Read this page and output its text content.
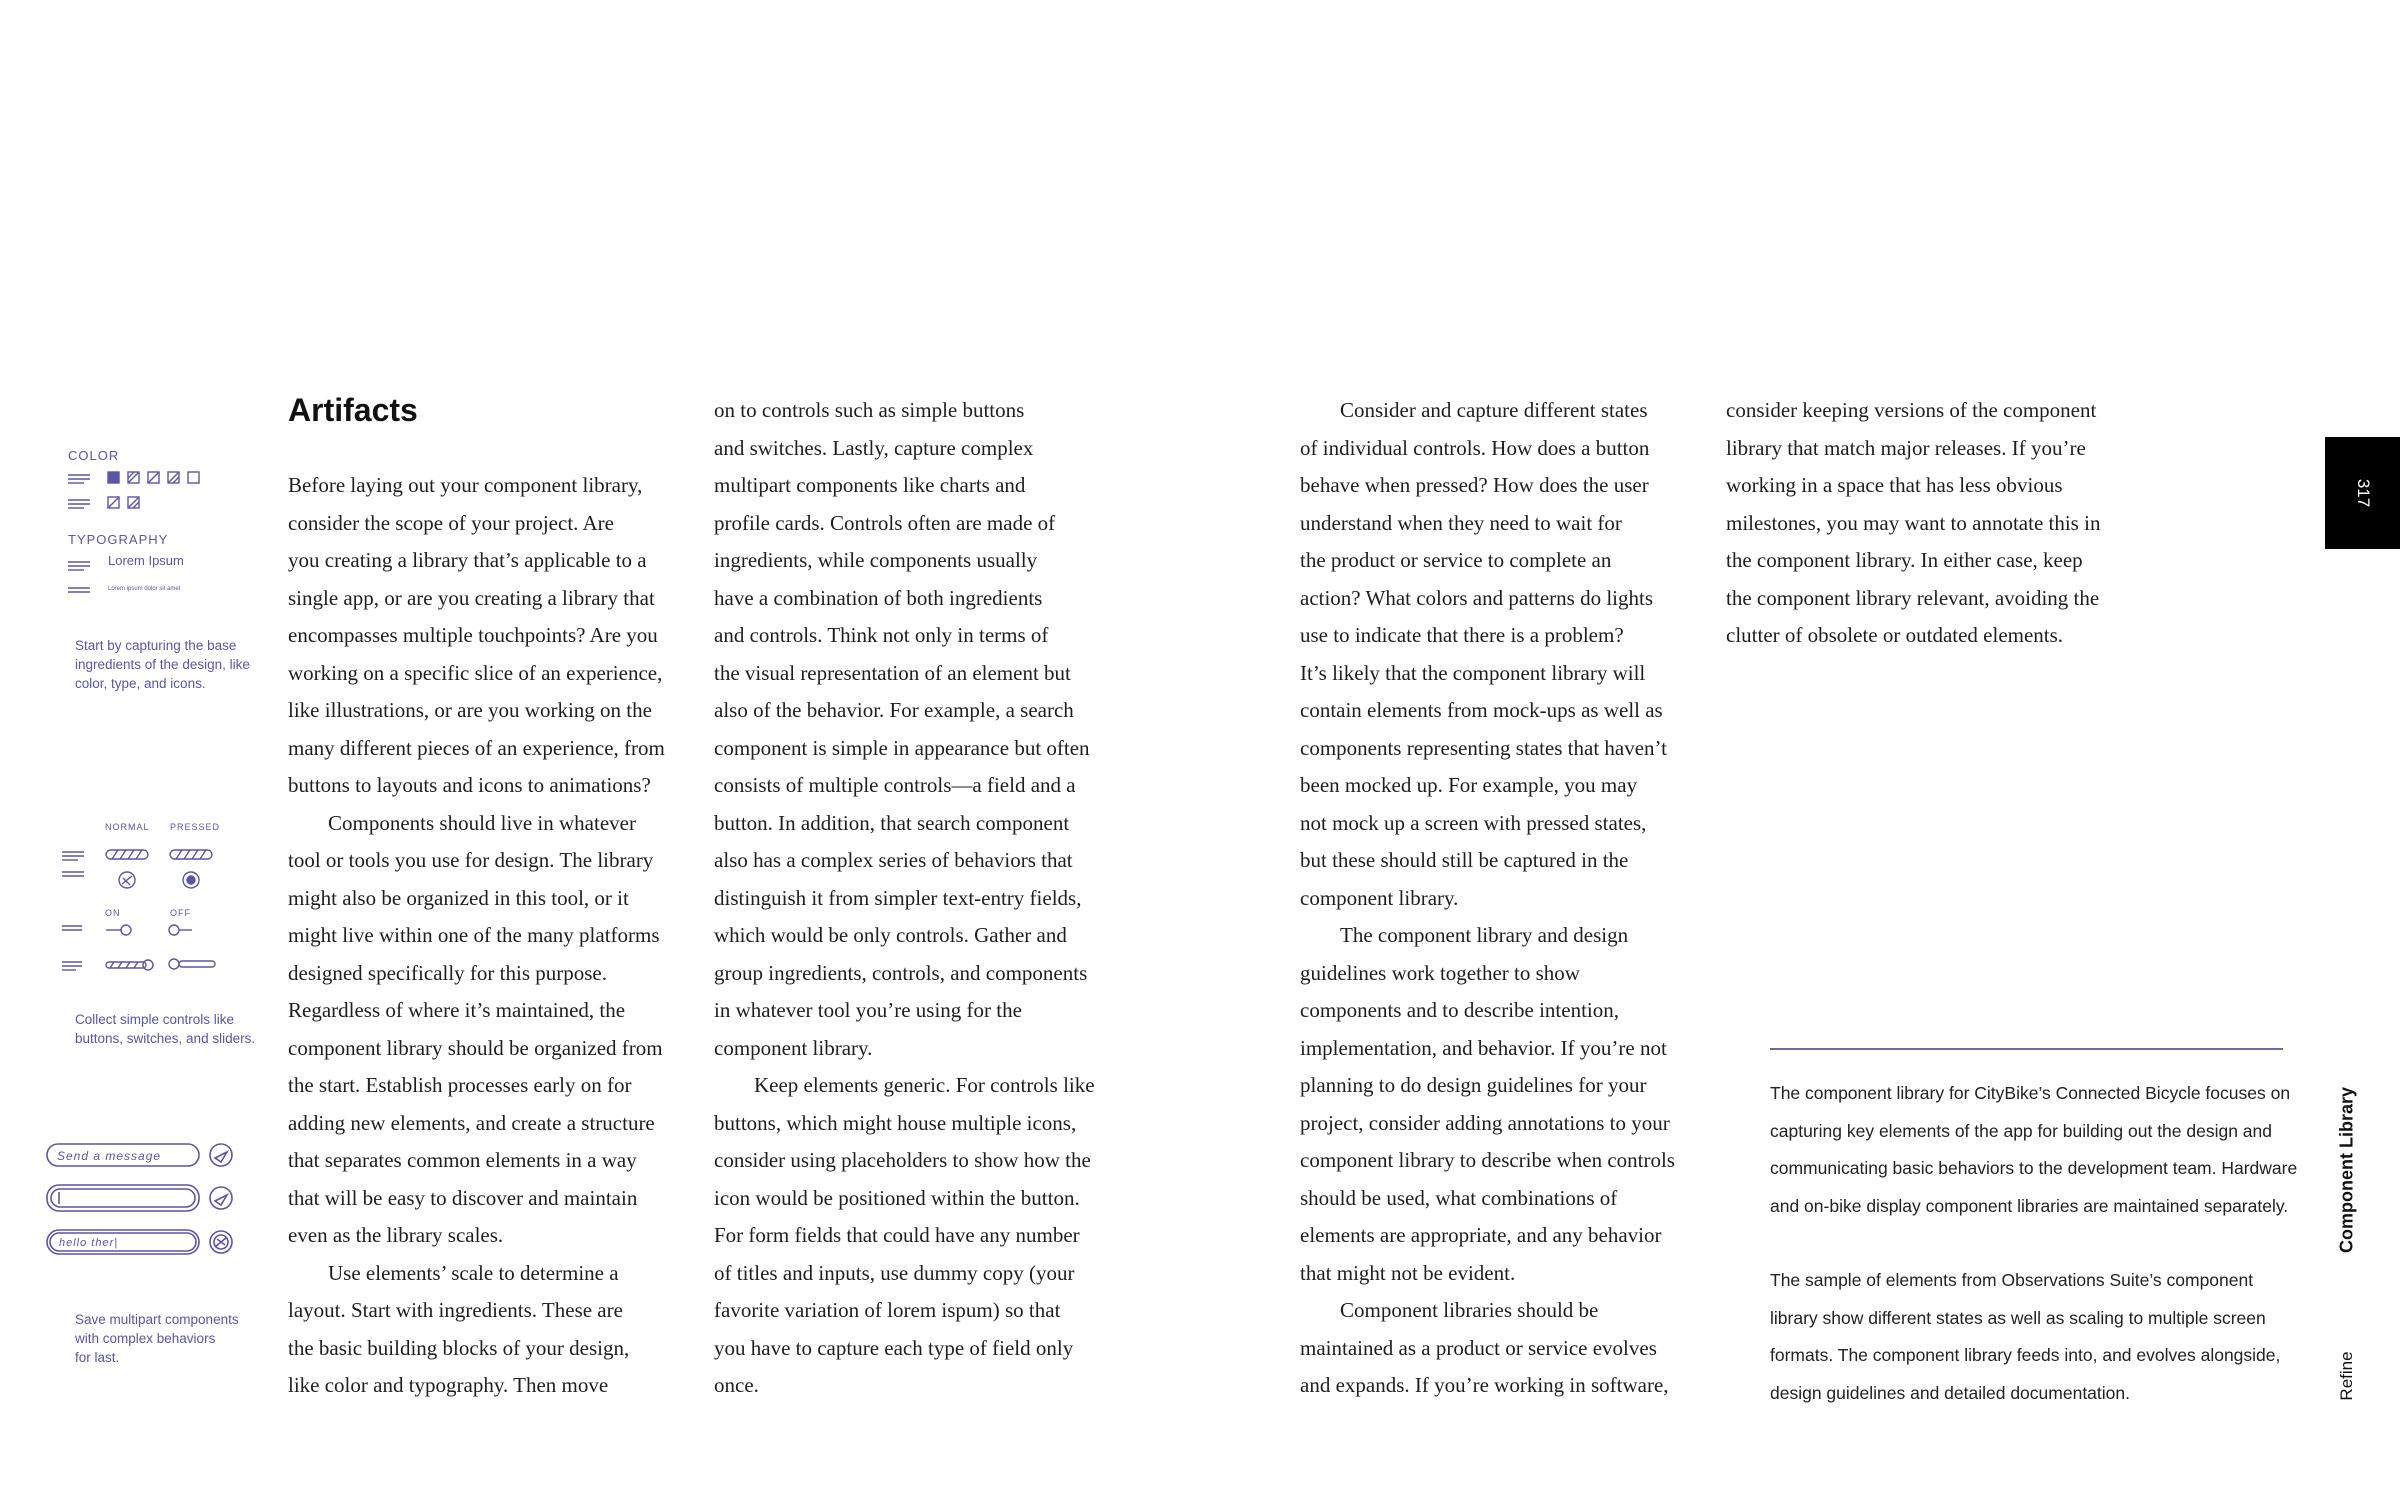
Artifacts

Before laying out your component library,
consider the scope of your project. Are
you creating a library that’s applicable to a
single app, or are you creating a library that
encompasses multiple touchpoints? Are you
working on a specific slice of an experience,
like illustrations, or are you working on the
many different pieces of an experience, from
buttons to layouts and icons to animations?

Components should live in whatever
tool or tools you use for design. The library
might also be organized in this tool, or it
might live within one of the many platforms
designed specifically for this purpose.
Regardless of where it’s maintained, the
component library should be organized from
the start. Establish processes early on for
adding new elements, and create a structure
that separates common elements in a way
that will be easy to discover and maintain
even as the library scales.

Use elements’ scale to determine a
layout. Start with ingredients. These are
the basic building blocks of your design,
like color and typography. Then move

on to controls such as simple buttons
and switches. Lastly, capture complex
multipart components like charts and
profile cards. Controls often are made of
ingredients, while components usually
have a combination of both ingredients
and controls. Think not only in terms of
the visual representation of an element but
also of the behavior. For example, a search
component is simple in appearance but often
consists of multiple controls—a field and a
button. In addition, that search component
also has a complex series of behaviors that
distinguish it from simpler text-entry fields,
which would be only controls. Gather and
group ingredients, controls, and components
in whatever tool you’re using for the
component library.

Keep elements generic. For controls like
buttons, which might house multiple icons,
consider using placeholders to show how the
icon would be positioned within the button.
For form fields that could have any number
of titles and inputs, use dummy copy (your
favorite variation of lorem ispum) so that
you have to capture each type of field only
once.

Consider and capture different states
of individual controls. How does a button
behave when pressed? How does the user
understand when they need to wait for
the product or service to complete an
action? What colors and patterns do lights
use to indicate that there is a problem?
It’s likely that the component library will
contain elements from mock-ups as well as
components representing states that haven’t
been mocked up. For example, you may
not mock up a screen with pressed states,
but these should still be captured in the
component library.

The component library and design
guidelines work together to show
components and to describe intention,
implementation, and behavior. If you’re not
planning to do design guidelines for your
project, consider adding annotations to your
component library to describe when controls
should be used, what combinations of
elements are appropriate, and any behavior
that might not be evident.

Component libraries should be
maintained as a product or service evolves
and expands. If you’re working in software,

consider keeping versions of the component
library that match major releases. If you’re
working in a space that has less obvious
milestones, you may want to annotate this in
the component library. In either case, keep
the component library relevant, avoiding the
clutter of obsolete or outdated elements.

COLOR
TYPOGRAPHY
Lorem Ipsum
Lorem ipsum dolor sit amet
Start by capturing the base
ingredients of the design, like
color, type, and icons.
NORMAL PRESSED
ON	OFF
Collect simple controls like
buttons, switches, and sliders.
Send a message
hello ther|
Save multipart components
with complex behaviors
for last.
The component library for CityBike’s Connected Bicycle focuses on
capturing key elements of the app for building out the design and
communicating basic behaviors to the development team. Hardware
and on-bike display component libraries are maintained separately.
The sample of elements from Observations Suite’s component
library show different states as well as scaling to multiple screen
formats. The component library feeds into, and evolves alongside,
design guidelines and detailed documentation.
317
Component Library
Refine
